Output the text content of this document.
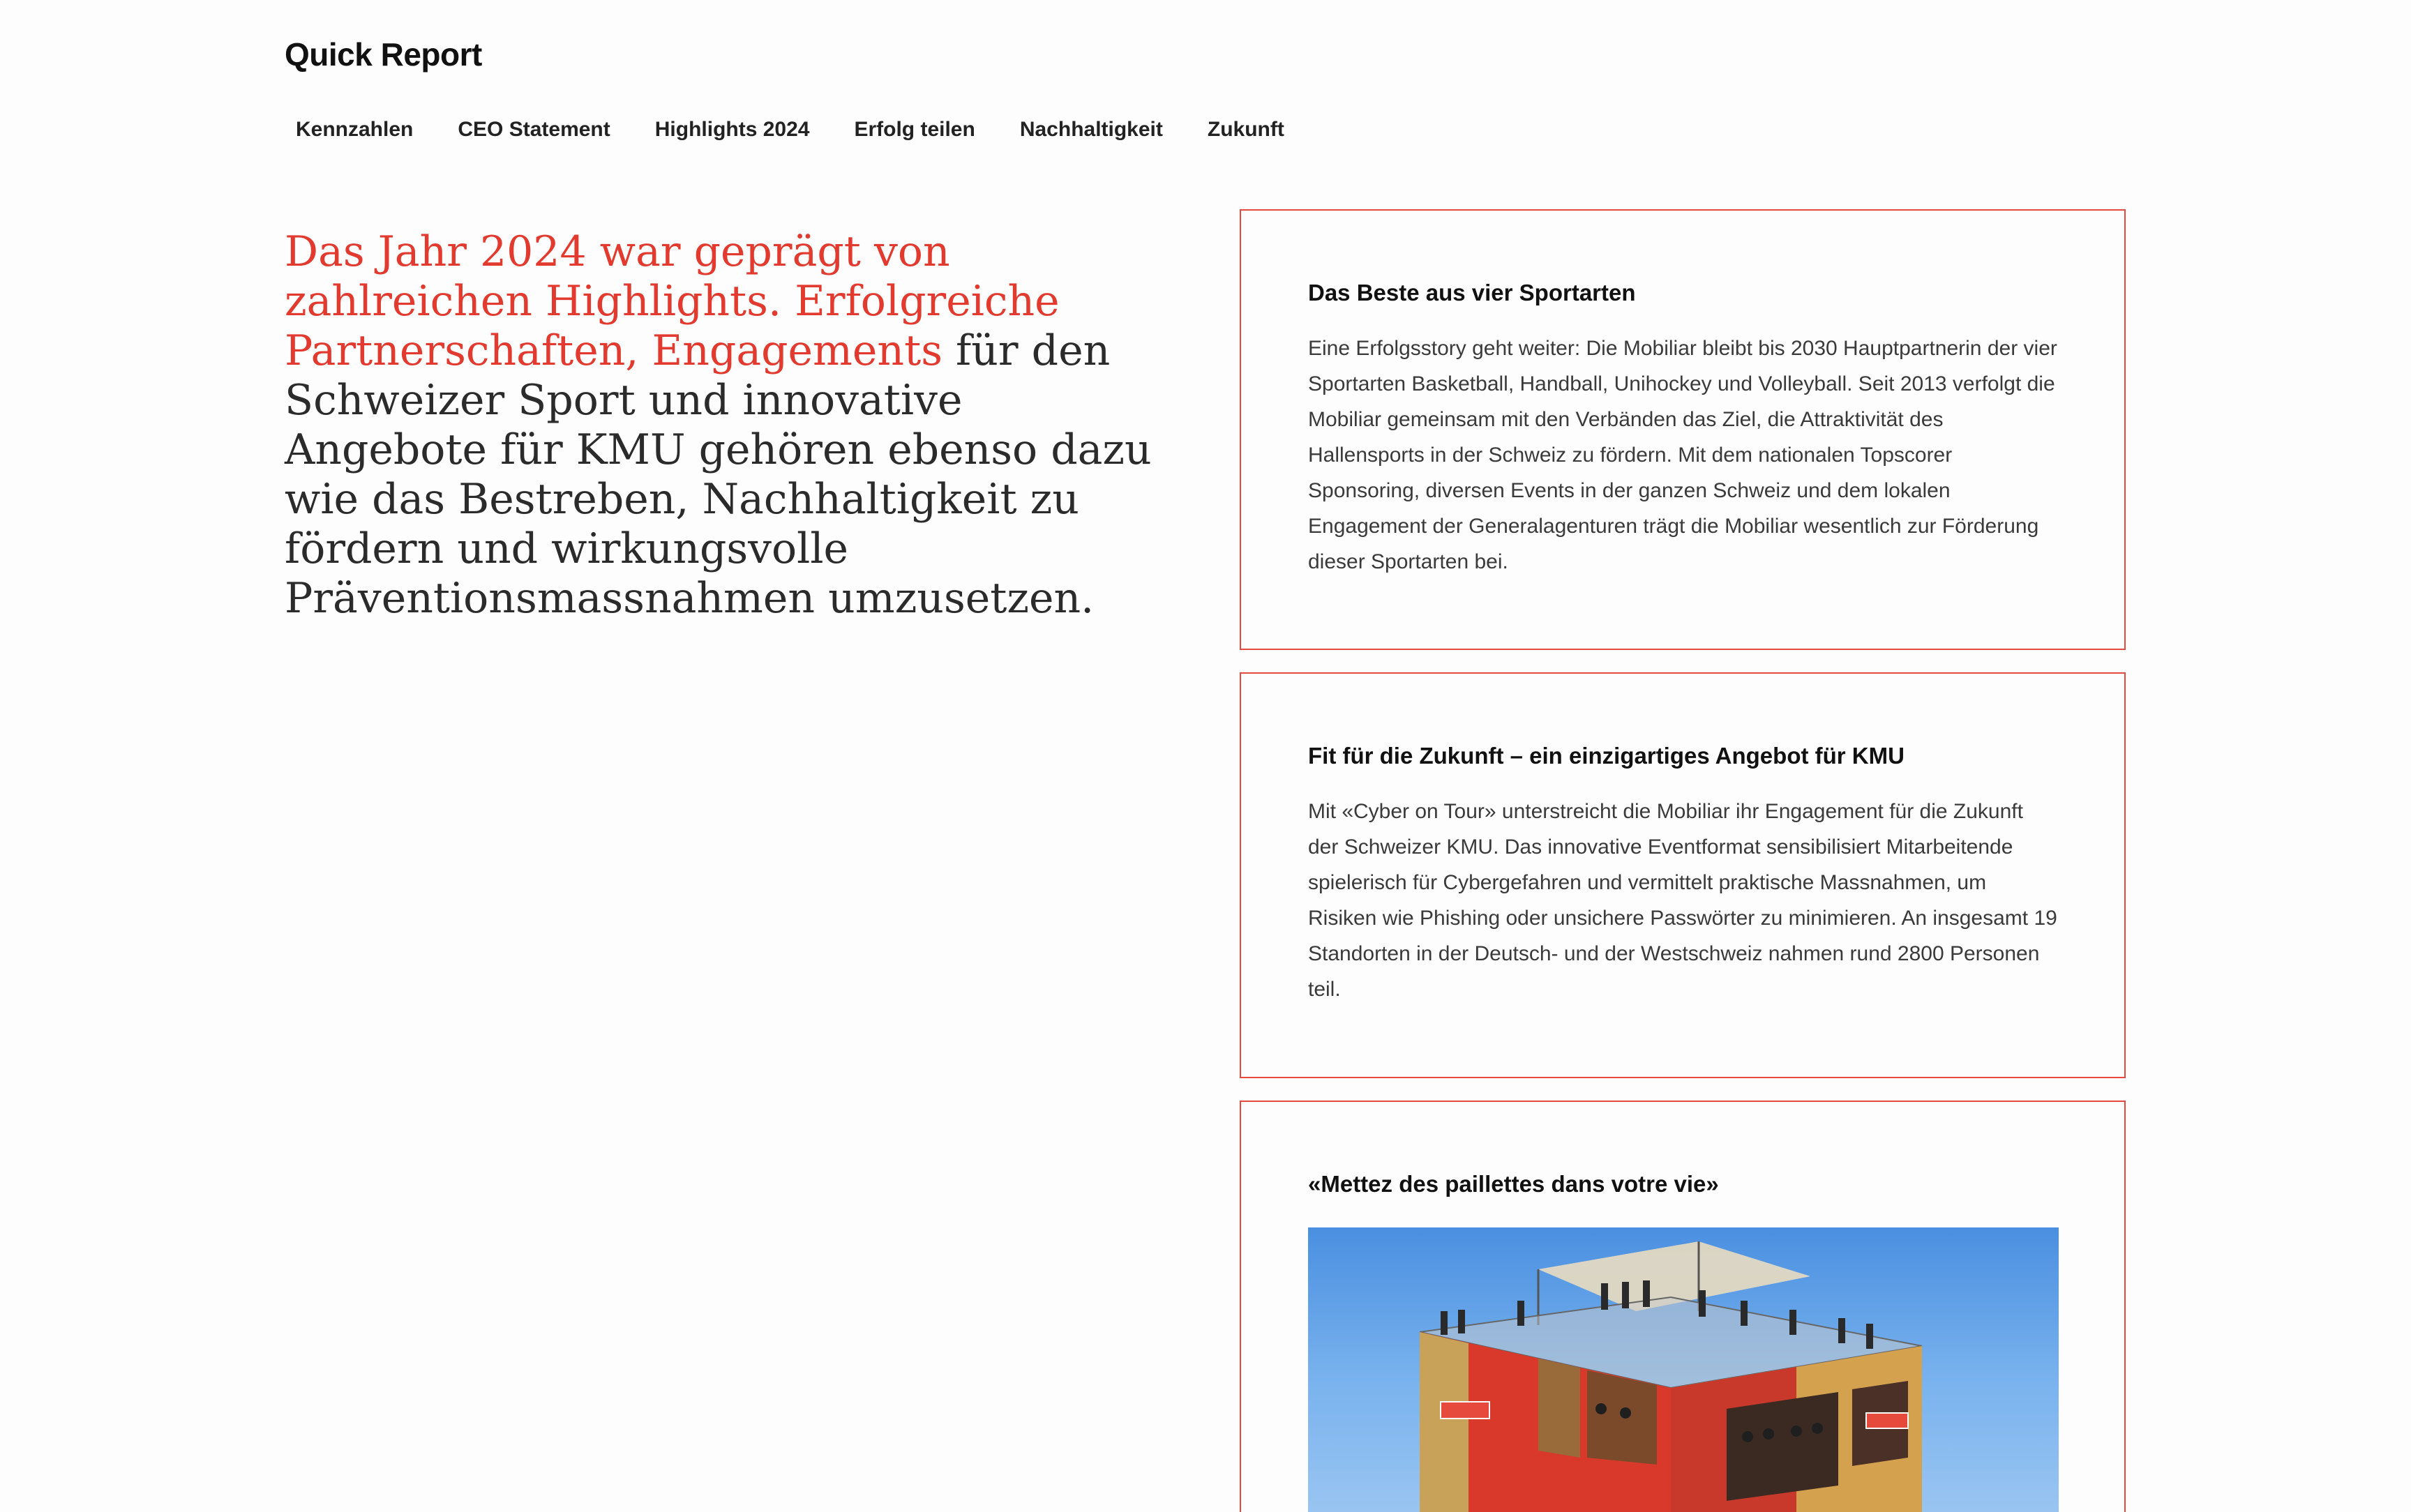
Quick Report
Kennzahlen	CEO Statement	Highlights 2024	Erfolg teilen	Nachhaltigkeit	Zukunft
Das Jahr 2024 war geprägt von zahlreichen Highlights. Erfolgreiche Partnerschaften, Engagements für den Schweizer Sport und innovative Angebote für KMU gehören ebenso dazu wie das Bestreben, Nachhaltigkeit zu fördern und wirkungsvolle Präventionsmassnahmen umzusetzen.
Das Beste aus vier Sportarten

Eine Erfolgsstory geht weiter: Die Mobiliar bleibt bis 2030 Hauptpartnerin der vier Sportarten Basketball, Handball, Unihockey und Volleyball. Seit 2013 verfolgt die Mobiliar gemeinsam mit den Verbänden das Ziel, die Attraktivität des Hallensports in der Schweiz zu fördern. Mit dem nationalen Topscorer Sponsoring, diversen Events in der ganzen Schweiz und dem lokalen Engagement der Generalagenturen trägt die Mobiliar wesentlich zur Förderung dieser Sportarten bei.

Fit für die Zukunft – ein einzigartiges Angebot für KMU

Mit «Cyber on Tour» unterstreicht die Mobiliar ihr Engagement für die Zukunft der Schweizer KMU. Das innovative Eventformat sensibilisiert Mitarbeitende spielerisch für Cybergefahren und vermittelt praktische Massnahmen, um Risiken wie Phishing oder unsichere Passwörter zu minimieren. An insgesamt 19 Standorten in der Deutsch- und der Westschweiz nahmen rund 2800 Personen teil.

«Mettez des paillettes dans votre vie»
